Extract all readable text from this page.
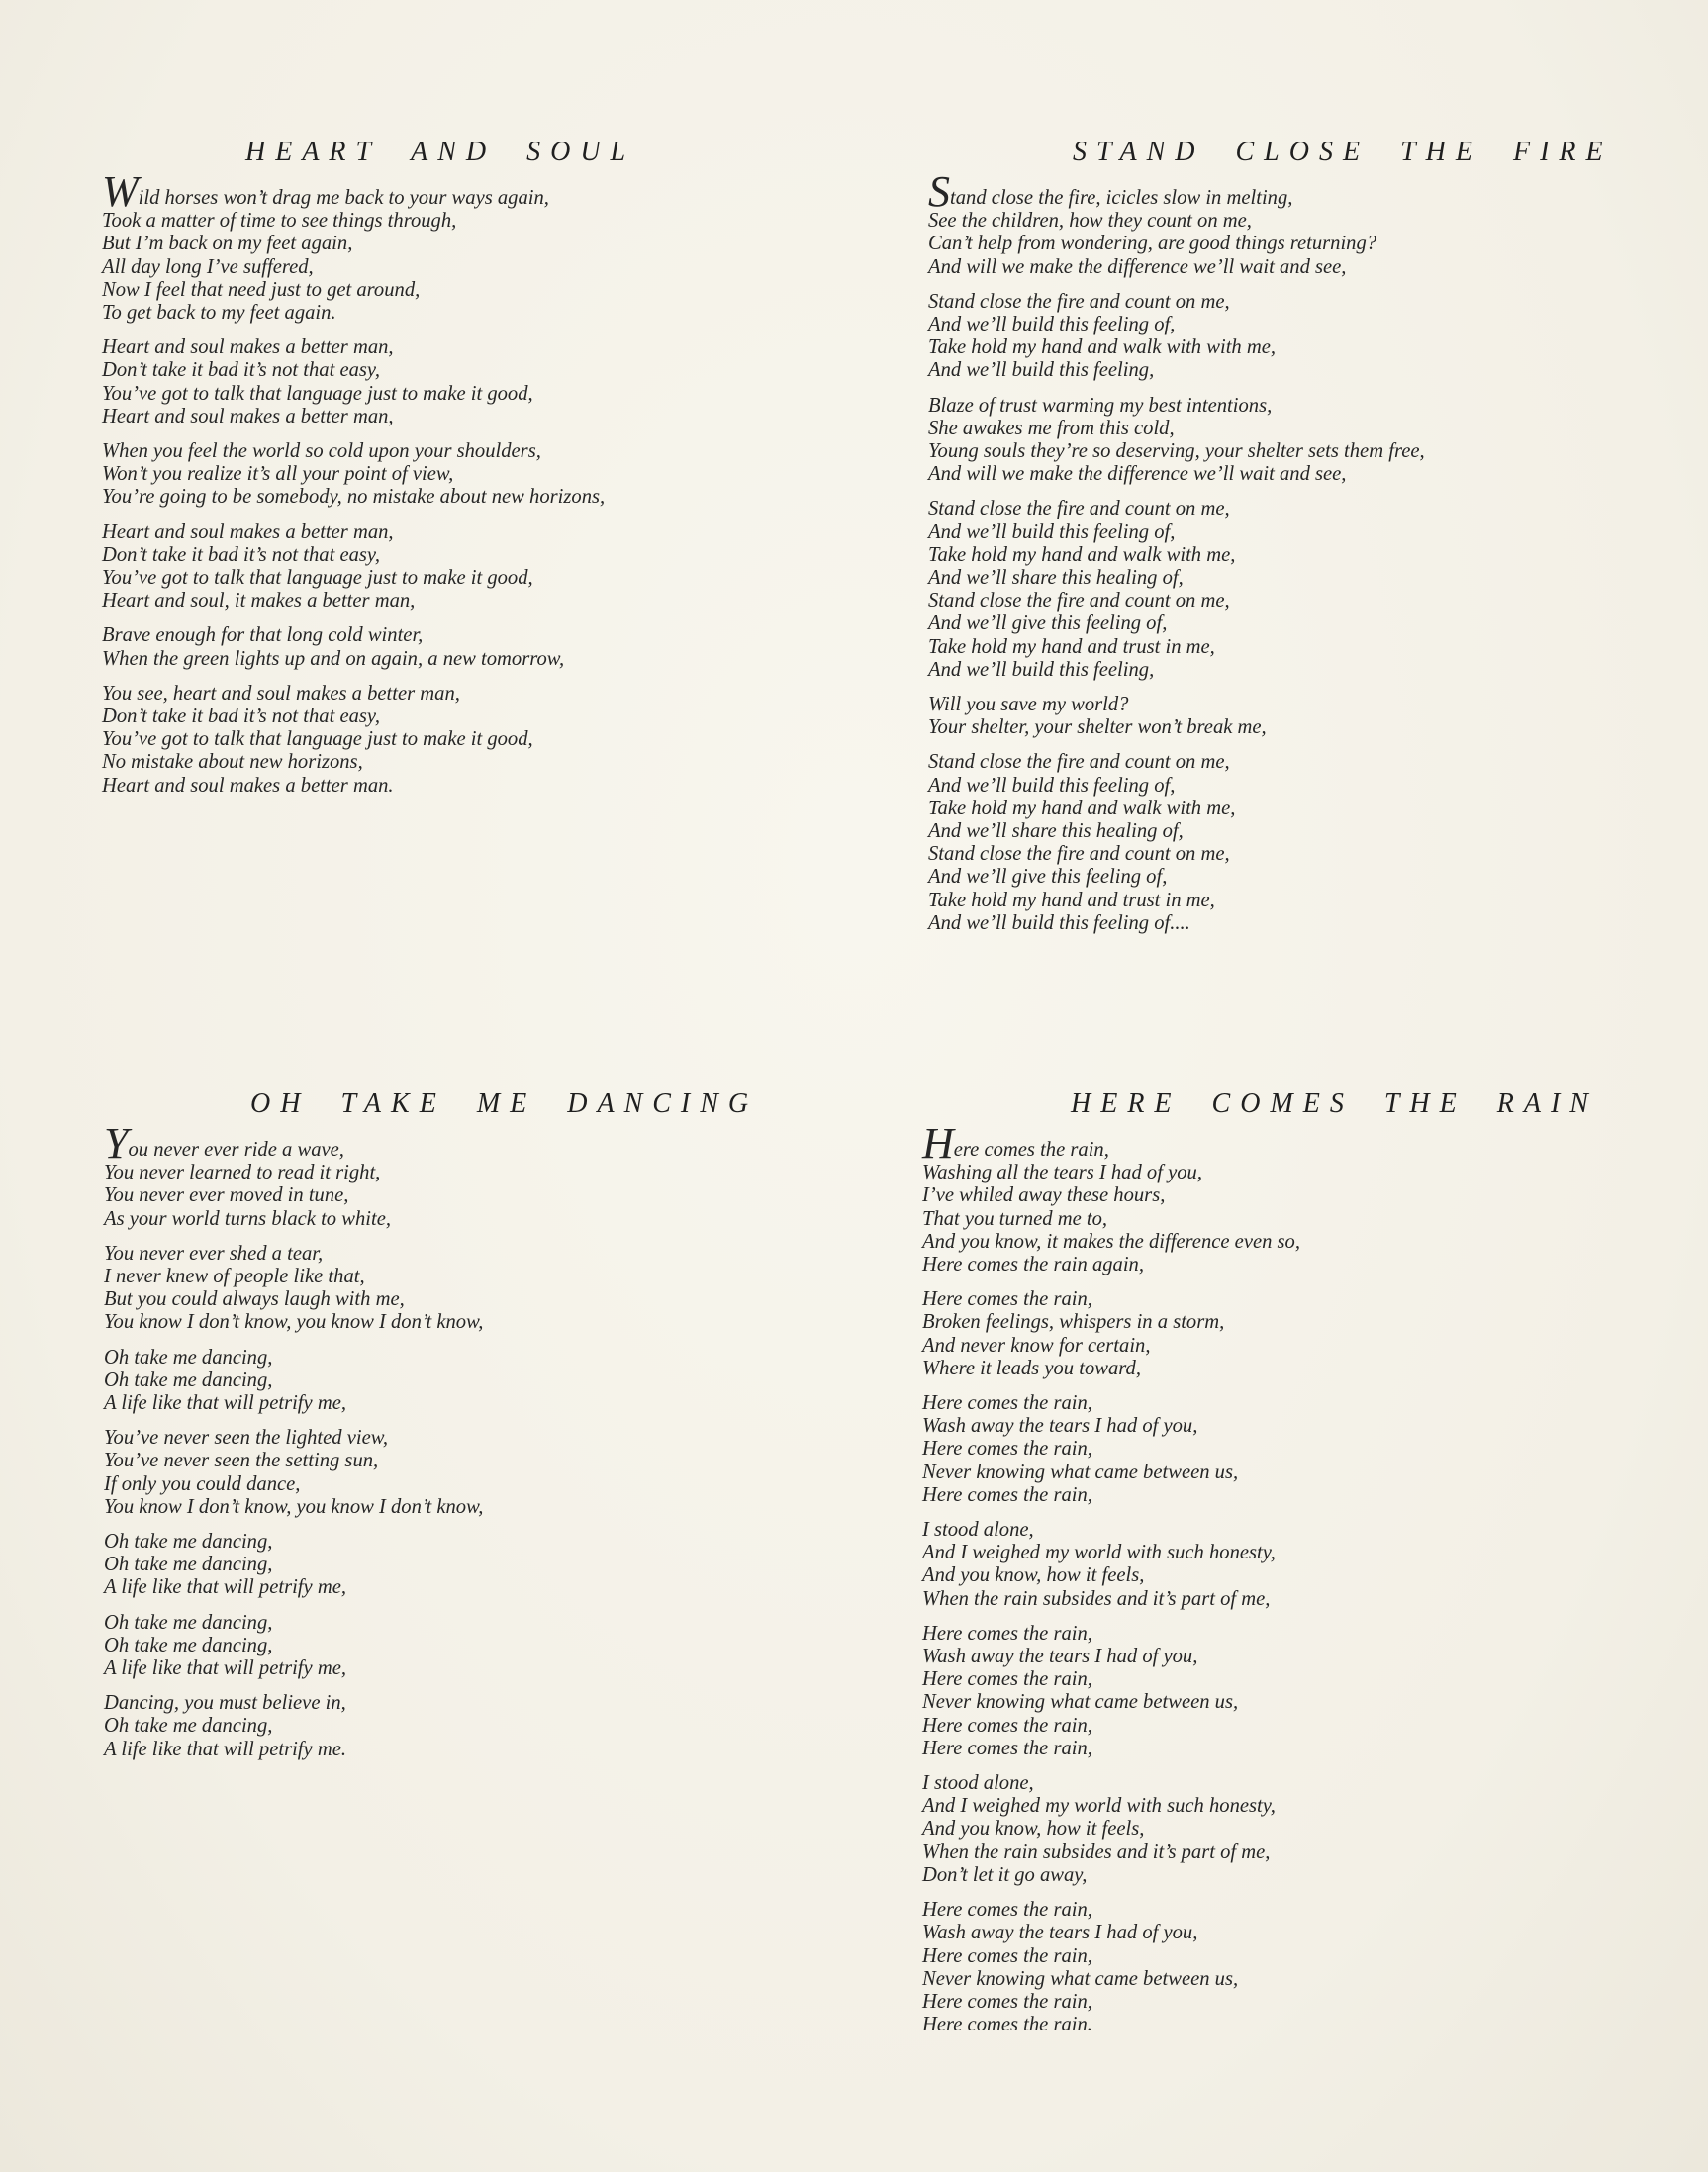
HEART AND SOUL
Wild horses won’t drag me back to your ways again,
Took a matter of time to see things through,
But I’m back on my feet again,
All day long I’ve suffered,
Now I feel that need just to get around,
To get back to my feet again.
Heart and soul makes a better man,
Don’t take it bad it’s not that easy,
You’ve got to talk that language just to make it good,
Heart and soul makes a better man,
When you feel the world so cold upon your shoulders,
Won’t you realize it’s all your point of view,
You’re going to be somebody, no mistake about new horizons,
Heart and soul makes a better man,
Don’t take it bad it’s not that easy,
You’ve got to talk that language just to make it good,
Heart and soul, it makes a better man,
Brave enough for that long cold winter,
When the green lights up and on again, a new tomorrow,
You see, heart and soul makes a better man,
Don’t take it bad it’s not that easy,
You’ve got to talk that language just to make it good,
No mistake about new horizons,
Heart and soul makes a better man.
STAND CLOSE THE FIRE
Stand close the fire, icicles slow in melting,
See the children, how they count on me,
Can’t help from wondering, are good things returning?
And will we make the difference we’ll wait and see,
Stand close the fire and count on me,
And we’ll build this feeling of,
Take hold my hand and walk with with me,
And we’ll build this feeling,
Blaze of trust warming my best intentions,
She awakes me from this cold,
Young souls they’re so deserving, your shelter sets them free,
And will we make the difference we’ll wait and see,
Stand close the fire and count on me,
And we’ll build this feeling of,
Take hold my hand and walk with me,
And we’ll share this healing of,
Stand close the fire and count on me,
And we’ll give this feeling of,
Take hold my hand and trust in me,
And we’ll build this feeling,
Will you save my world?
Your shelter, your shelter won’t break me,
Stand close the fire and count on me,
And we’ll build this feeling of,
Take hold my hand and walk with me,
And we’ll share this healing of,
Stand close the fire and count on me,
And we’ll give this feeling of,
Take hold my hand and trust in me,
And we’ll build this feeling of....
OH TAKE ME DANCING
You never ever ride a wave,
You never learned to read it right,
You never ever moved in tune,
As your world turns black to white,
You never ever shed a tear,
I never knew of people like that,
But you could always laugh with me,
You know I don’t know, you know I don’t know,
Oh take me dancing,
Oh take me dancing,
A life like that will petrify me,
You’ve never seen the lighted view,
You’ve never seen the setting sun,
If only you could dance,
You know I don’t know, you know I don’t know,
Oh take me dancing,
Oh take me dancing,
A life like that will petrify me,
Oh take me dancing,
Oh take me dancing,
A life like that will petrify me,
Dancing, you must believe in,
Oh take me dancing,
A life like that will petrify me.
HERE COMES THE RAIN
Here comes the rain,
Washing all the tears I had of you,
I’ve whiled away these hours,
That you turned me to,
And you know, it makes the difference even so,
Here comes the rain again,
Here comes the rain,
Broken feelings, whispers in a storm,
And never know for certain,
Where it leads you toward,
Here comes the rain,
Wash away the tears I had of you,
Here comes the rain,
Never knowing what came between us,
Here comes the rain,
I stood alone,
And I weighed my world with such honesty,
And you know, how it feels,
When the rain subsides and it’s part of me,
Here comes the rain,
Wash away the tears I had of you,
Here comes the rain,
Never knowing what came between us,
Here comes the rain,
Here comes the rain,
I stood alone,
And I weighed my world with such honesty,
And you know, how it feels,
When the rain subsides and it’s part of me,
Don’t let it go away,
Here comes the rain,
Wash away the tears I had of you,
Here comes the rain,
Never knowing what came between us,
Here comes the rain,
Here comes the rain.
